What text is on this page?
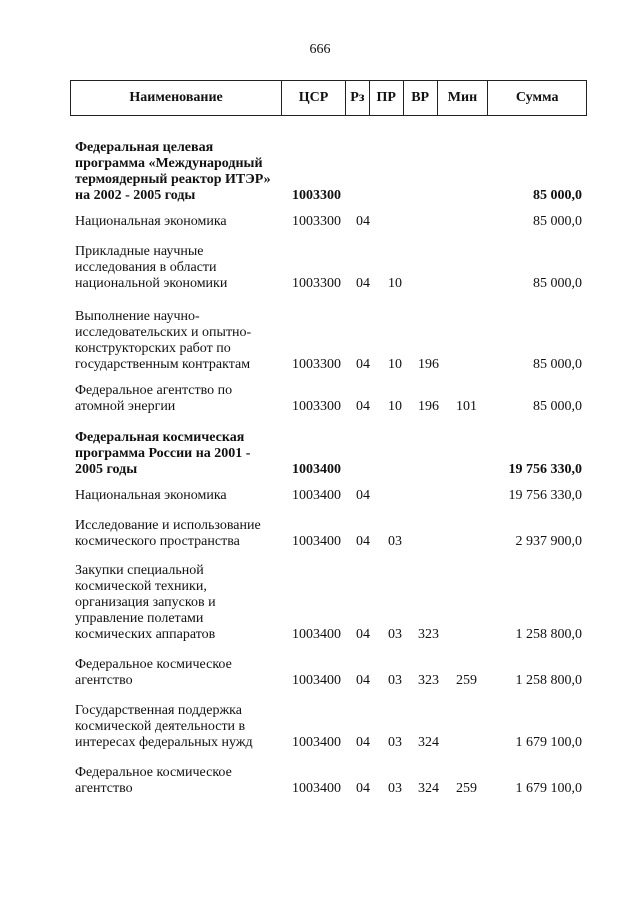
666
Наименование	ЦСР	Рз ПР	ВР	Мин	Сумма
Федеральная целевая
программа «Международный
термоядерный реактор ИТЭР»
на 2002 - 2005 годы	1003300	85 000,0
Национальная экономика	1003300 04	85 000,0
Прикладные научные
исследования в области
национальной экономики	1003300 04 10	85 000,0
Выполнение научно-
исследовательских и опытно-
конструкторских работ по
государственным контрактам	1003300 04 10 196	85 000,0
Федеральное агентство по
атомной энергии	1003300 04 10 196 101	85 000,0
Федеральная космическая
программа России на 2001 -
2005 годы	1003400	19 756 330,0
Национальная экономика	1003400 04	19 756 330,0
Исследование и использование
космического пространства	1003400 04 03	2 937 900,0
Закупки специальной
космической техники,
организация запусков и
управление полетами
космических аппаратов	1003400 04 03 323	1 258 800,0
Федеральное космическое
агентство	1003400 04 03 323 259	1 258 800,0
Государственная поддержка
космической деятельности в
интересах федеральных нужд	1003400 04 03 324	1 679 100,0
Федеральное космическое
агентство	1003400 04 03 324 259	1 679 100,0
